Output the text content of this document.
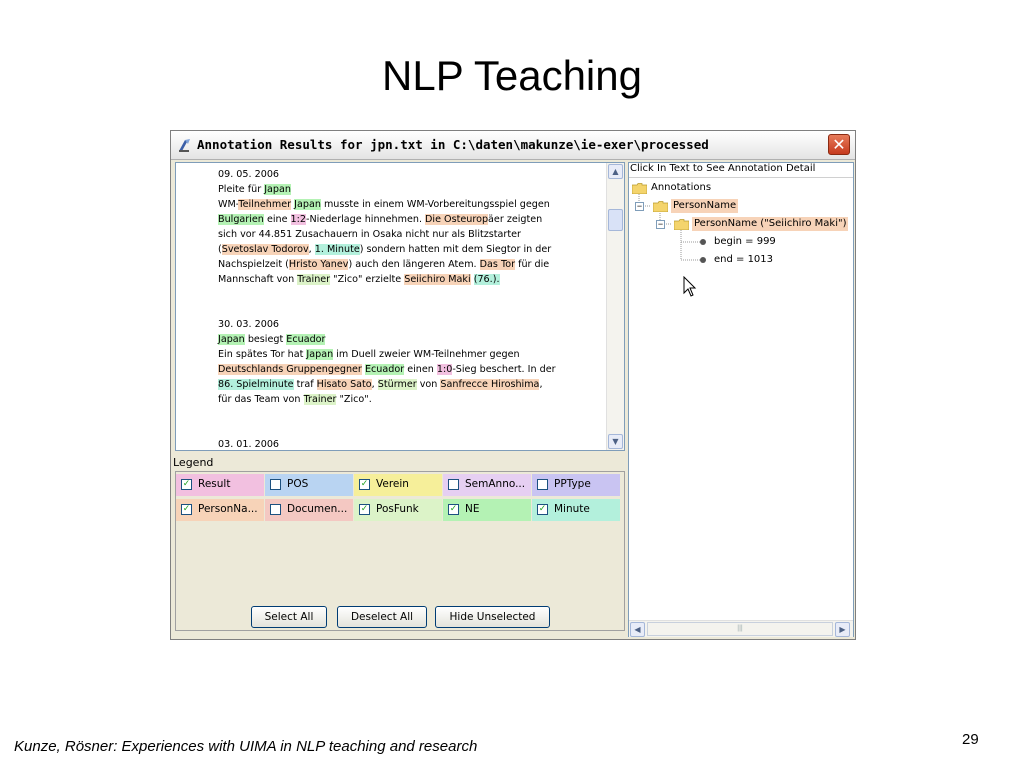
NLP Teaching
Annotation Results for jpn.txt in C:\daten\makunze\ie-exer\processed	✕

09. 05. 2006

Pleite für Japan

WM-Teilnehmer Japan musste in einem WM-Vorbereitungsspiel gegen

Bulgarien eine 1:2-Niederlage hinnehmen. Die Osteuropäer zeigten

sich vor 44.851 Zusachauern in Osaka nicht nur als Blitzstarter

(Svetoslav Todorov, 1. Minute) sondern hatten mit dem Siegtor in der

Nachspielzeit (Hristo Yanev) auch den längeren Atem. Das Tor für die

Mannschaft von Trainer "Zico" erzielte Seiichiro Maki (76.).

30. 03. 2006

Japan besiegt Ecuador

Ein spätes Tor hat Japan im Duell zweier WM-Teilnehmer gegen

Deutschlands Gruppengegner Ecuador einen 1:0-Sieg beschert. In der

86. Spielminute traf Hisato Sato, Stürmer von Sanfrecce Hiroshima,

für das Team von Trainer "Zico".

03. 01. 2006

▲
▼
Legend
✓ Result	POS	✓ Verein	SemAnno...	PPType
✓ PersonNa...	Documen... ✓ PosFunk	✓ NE	✓ Minute
Select All	Deselect All	Hide Unselected
Click In Text to See Annotation Detail
Annotations
−	PersonName
−	PersonName ("Seiichiro Maki")
begin = 999
end = 1013
◀	|||	▶
Kunze, Rösner: Experiences with UIMA in NLP teaching and research	29
